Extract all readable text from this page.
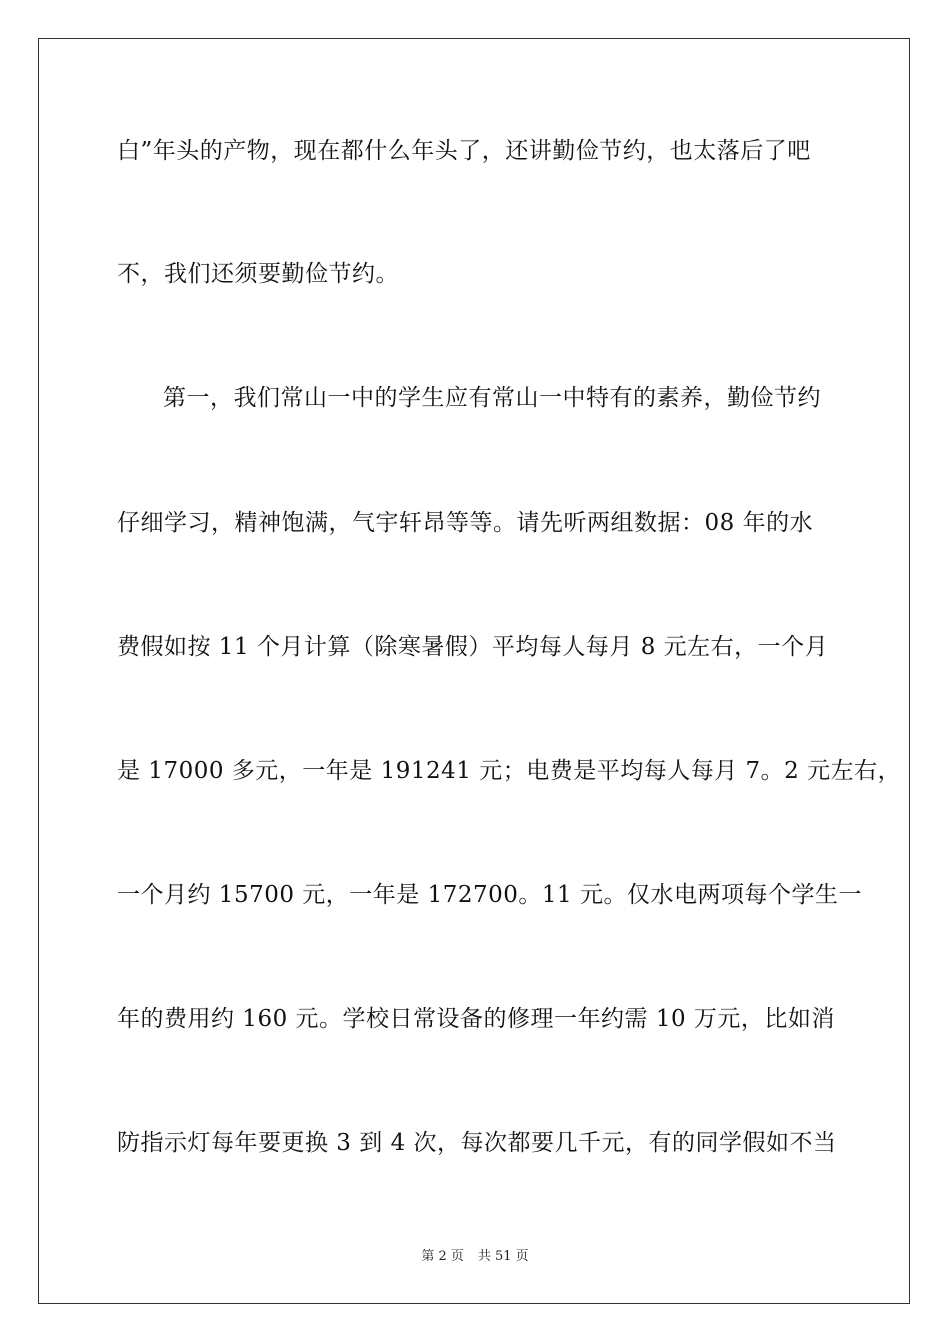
白”年头的产物，现在都什么年头了，还讲勤俭节约，也太落后了吧
不，我们还须要勤俭节约。
第一，我们常山一中的学生应有常山一中特有的素养，勤俭节约
仔细学习，精神饱满，气宇轩昂等等。请先听两组数据：08 年的水
费假如按 11 个月计算（除寒暑假）平均每人每月 8 元左右，一个月
是 17000 多元，一年是 191241 元；电费是平均每人每月 7。2 元左右，
一个月约 15700 元，一年是 172700。11 元。仅水电两项每个学生一
年的费用约 160 元。学校日常设备的修理一年约需 10 万元，比如消
防指示灯每年要更换 3 到 4 次，每次都要几千元，有的同学假如不当
第 2 页 共 51 页
